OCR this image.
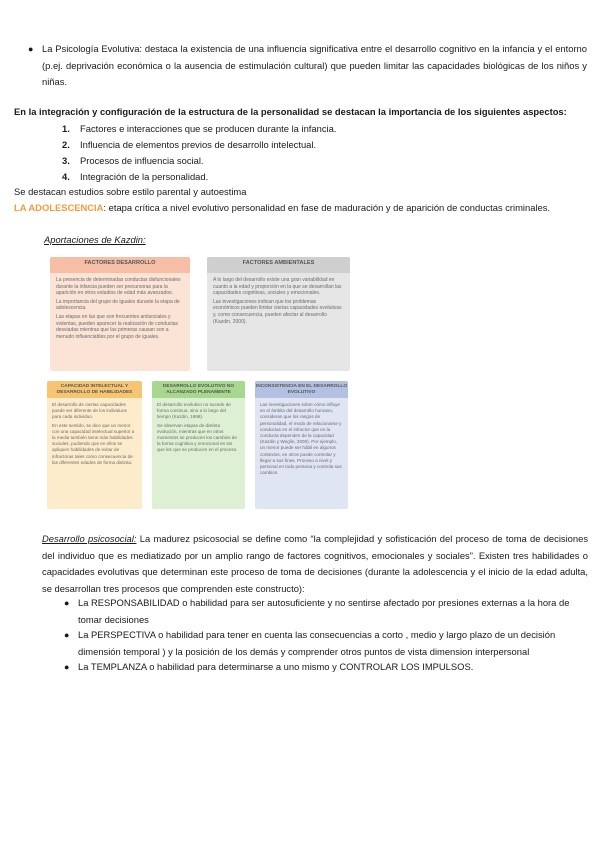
● La Psicología Evolutiva: destaca la existencia de una influencia significativa entre el desarrollo cognitivo en la infancia y el entorno (p.ej. deprivación económica o la ausencia de estimulación cultural) que pueden limitar las capacidades biológicas de los niños y niñas.
En la integración y configuración de la estructura de la personalidad se destacan la importancia de los siguientes aspectos:
1.	Factores e interacciones que se producen durante la infancia.
2.	Influencia de elementos previos de desarrollo intelectual.
3.	Procesos de influencia social.
4.	Integración de la personalidad.
Se destacan estudios sobre estilo parental y autoestima
LA ADOLESCENCIA: etapa crítica a nivel evolutivo personalidad en fase de maduración y de aparición de conductas criminales.
Aportaciones de Kazdin:
FACTORES DESARROLLO

La presencia de determinadas conductas disfuncionales durante la infancia pueden ser precursoras para la aparición en otros estadios de edad más avanzados.

La importancia del grupo de iguales durante la etapa de adolescencia.

Las etapas en las que son frecuentes antisociales y violentas, pueden aparecer la realización de conductas desviadas mientras que las primeras causan son a menudo influenciables por el grupo de iguales.

FACTORES AMBIENTALES

A lo largo del desarrollo existe una gran variabilidad en cuanto a la edad y proporción en la que se desarrollan las capacidades cognitivas, sociales y emocionales.

Las investigaciones indican que los problemas económicos pueden limitar ciertas capacidades evolutivas y, como consecuencia, pueden afectar al desarrollo (Kazdin, 2000).

CAPACIDAD INTELECTUAL Y DESARROLLO DE HABILIDADES

El desarrollo de ciertas capacidades puede ser diferente de los individuos para cada individuo.

En este sentido, se dice que un menor con una capacidad intelectual superior a la media también tiene más habilidades sociales, pudiendo que en ellos se apliquen habilidades de evitar de infractoras tales como consecuencia de las diferentes edades de forma distinta.

DESARROLLO EVOLUTIVO NO ALCANZADO PLENAMENTE

El desarrollo evolutivo no sucede de forma continua, sino a lo largo del tiempo (Kazdin, 1998).

Se observan etapas de distinta evolución, mientras que en otros momentos se producen los cambios de la forma cognitiva y emocional en los que los que se producen en el proceso.

INCONSISTENCIA EN EL DESARROLLO EVOLUTIVO

Las investigaciones sobre cómo influye en el ámbito del desarrollo humano, consideran que los rasgos de personalidad, el modo de relacionarse y conductas en el infractor que en la conducta dependen de la capacidad (Kazdin y Weglin, 2000). Por ejemplo, un menor puede ser hábil en algunos contextos, en otros puede controlar y llegar a sus fines. Proceso a nivel y personal en todo persona y controla sus cambios.

Desarrollo psicosocial: La madurez psicosocial se define como “la complejidad y sofisticación del proceso de toma de decisiones del individuo que es mediatizado por un amplio rango de factores cognitivos, emocionales y sociales”. Existen tres habilidades o capacidades evolutivas que determinan este proceso de toma de decisiones (durante la adolescencia y el inicio de la edad adulta, se desarrollan tres procesos que comprenden este constructo):
● La RESPONSABILIDAD o habilidad para ser autosuficiente y no sentirse afectado por presiones externas a la hora de tomar decisiones
● La PERSPECTIVA o habilidad para tener en cuenta las consecuencias a corto , medio y largo plazo de un decisión dimensión temporal ) y la posición de los demás y comprender otros puntos de vista dimension interpersonal
● La TEMPLANZA o habilidad para determinarse a uno mismo y CONTROLAR LOS IMPULSOS.
